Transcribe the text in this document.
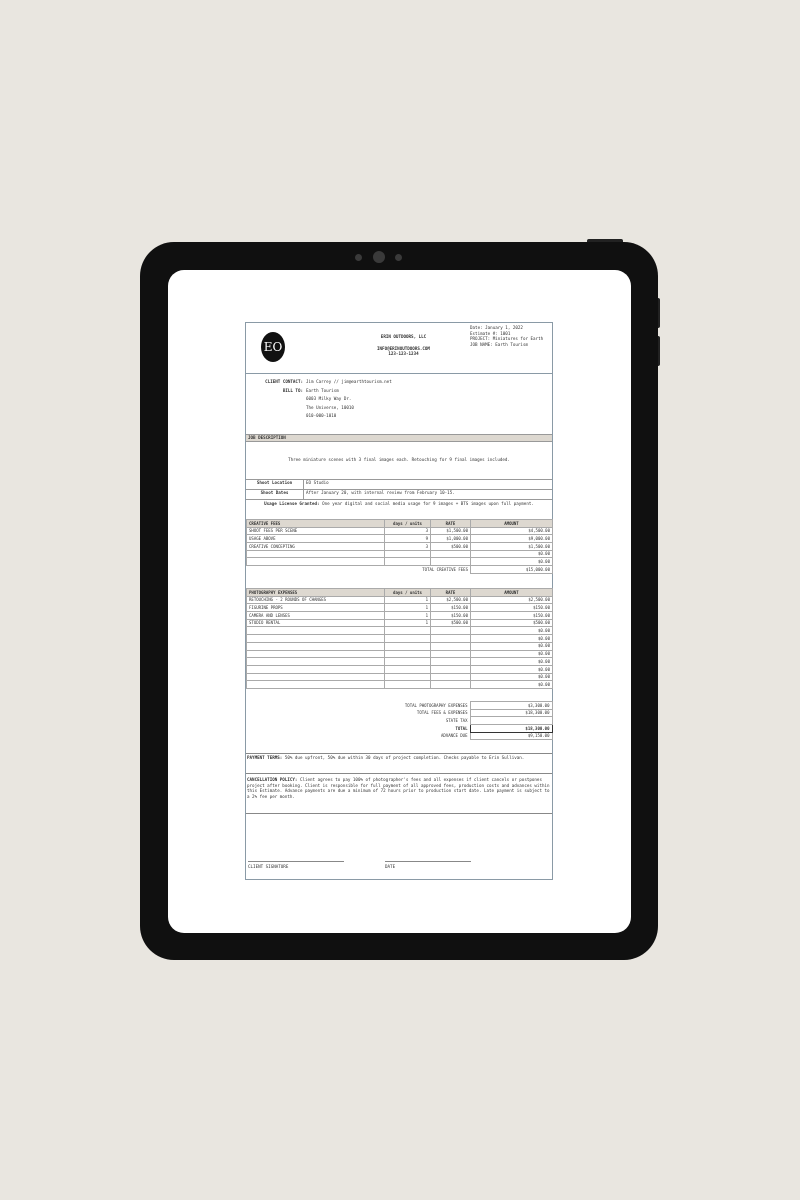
EO
ERIN OUTDOORS, LLC
INFO@ERINOUTDOORS.COM
123-123-1234
Date: January 1, 2022
Estimate #: 1001
PROJECT: Miniatures for Earth
JOB NAME: Earth Tourism
CLIENT CONTACT: Jim Carrey // jim@earthtourism.net
BILL TO: Earth Tourism
6003 Milky Way Dr.
The Universe, 10010
010-000-1010
JOB DESCRIPTION
Three miniature scenes with 3 final images each. Retouching for 9 final images included.
Shoot Location	EO Studio
Shoot Dates	After January 20, with internal review from February 10-15.
Usage License Granted: One year digital and social media usage for 9 images + BTS images upon full payment.
CREATIVE FEES	days / units	RATE	AMOUNT
SHOOT FEES PER SCENE	3	$1,500.00	$4,500.00
USAGE ABOVE	9	$1,000.00	$9,000.00
CREATIVE CONCEPTING	3	$500.00	$1,500.00
			$0.00
			$0.00
	TOTAL CREATIVE FEES		$15,000.00
PHOTOGRAPHY EXPENSES	days / units	RATE	AMOUNT
RETOUCHING - 2 ROUNDS OF CHANGES	1	$2,500.00	$2,500.00
FIGURINE PROPS	1	$150.00	$150.00
CAMERA AND LENSES	1	$150.00	$150.00
STUDIO RENTAL	1	$500.00	$500.00
			$0.00
			$0.00
			$0.00
			$0.00
			$0.00
			$0.00
			$0.00
			$0.00
	TOTAL PHOTOGRAPHY EXPENSES	$3,300.00
	TOTAL FEES & EXPENSES	$18,300.00
	STATE TAX	
	TOTAL	$18,300.00
	ADVANCE DUE	$9,150.00
PAYMENT TERMS: 50% due upfront, 50% due within 30 days of project completion. Checks payable to Erin Sullivan.
CANCELLATION POLICY: Client agrees to pay 100% of photographer's fees and all expenses if client cancels or postpones project after booking. Client is responsible for full payment of all approved fees, production costs and advances within this Estimate. Advance payments are due a minimum of 72 hours prior to production start date. Late payment is subject to a 2% fee per month.
CLIENT SIGNATURE	DATE
